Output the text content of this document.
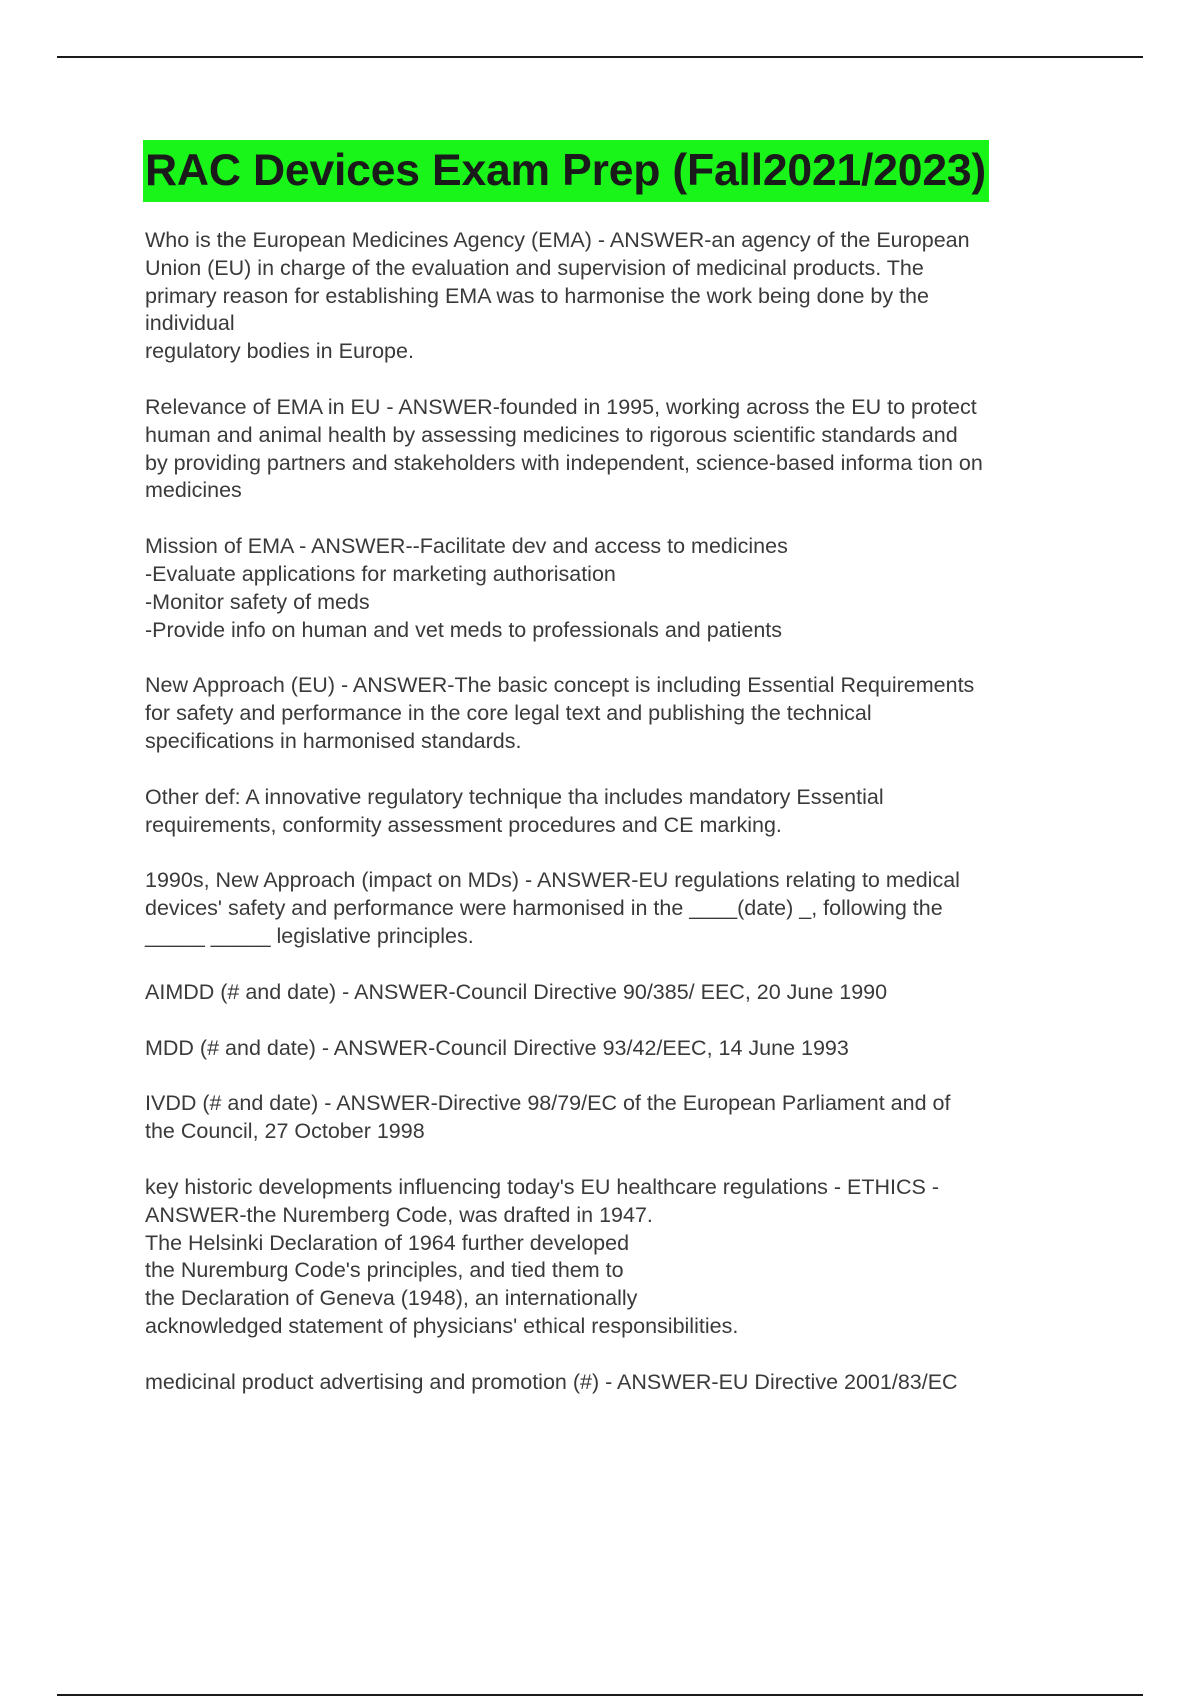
RAC Devices Exam Prep (Fall2021/2023)
Who is the European Medicines Agency (EMA) - ANSWER-an agency of the European
Union (EU) in charge of the evaluation and supervision of medicinal products. The
primary reason for establishing EMA was to harmonise the work being done by the
individual
regulatory bodies in Europe.
Relevance of EMA in EU - ANSWER-founded in 1995, working across the EU to protect
human and animal health by assessing medicines to rigorous scientific standards and
by providing partners and stakeholders with independent, science-based informa tion on
medicines
Mission of EMA - ANSWER--Facilitate dev and access to medicines
-Evaluate applications for marketing authorisation
-Monitor safety of meds
-Provide info on human and vet meds to professionals and patients
New Approach (EU) - ANSWER-The basic concept is including Essential Requirements
for safety and performance in the core legal text and publishing the technical
specifications in harmonised standards.
Other def: A innovative regulatory technique tha includes mandatory Essential
requirements, conformity assessment procedures and CE marking.
1990s, New Approach (impact on MDs) - ANSWER-EU regulations relating to medical
devices' safety and performance were harmonised in the ____(date) _, following the
_____ _____ legislative principles.
AIMDD (# and date) - ANSWER-Council Directive 90/385/ EEC, 20 June 1990
MDD (# and date) - ANSWER-Council Directive 93/42/EEC, 14 June 1993
IVDD (# and date) - ANSWER-Directive 98/79/EC of the European Parliament and of
the Council, 27 October 1998
key historic developments influencing today's EU healthcare regulations - ETHICS -
ANSWER-the Nuremberg Code, was drafted in 1947.
The Helsinki Declaration of 1964 further developed
the Nuremburg Code's principles, and tied them to
the Declaration of Geneva (1948), an internationally
acknowledged statement of physicians' ethical responsibilities.
medicinal product advertising and promotion (#) - ANSWER-EU Directive 2001/83/EC
